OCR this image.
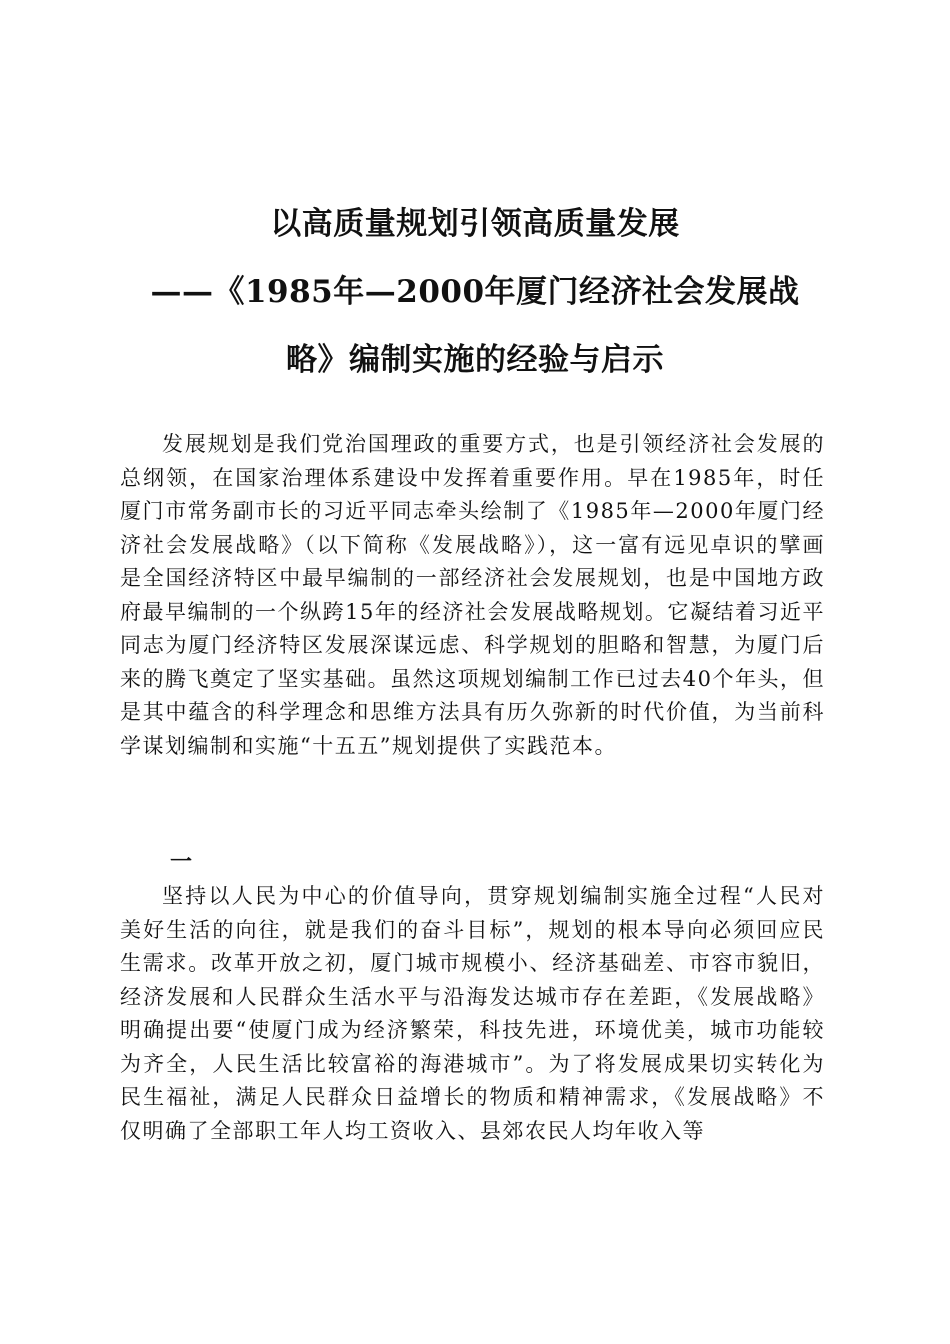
以高质量规划引领高质量发展
——《1985年—2000年厦门经济社会发展战
略》编制实施的经验与启示

发展规划是我们党治国理政的重要方式，也是引领经济社会发展的总纲领，在国家治理体系建设中发挥着重要作用。早在1985年，时任厦门市常务副市长的习近平同志牵头绘制了《1985年—2000年厦门经济社会发展战略》（以下简称《发展战略》），这一富有远见卓识的擘画是全国经济特区中最早编制的一部经济社会发展规划，也是中国地方政府最早编制的一个纵跨15年的经济社会发展战略规划。它凝结着习近平同志为厦门经济特区发展深谋远虑、科学规划的胆略和智慧，为厦门后来的腾飞奠定了坚实基础。虽然这项规划编制工作已过去40个年头，但是其中蕴含的科学理念和思维方法具有历久弥新的时代价值，为当前科学谋划编制和实施“十五五”规划提供了实践范本。

一

坚持以人民为中心的价值导向，贯穿规划编制实施全过程“人民对美好生活的向往，就是我们的奋斗目标”，规划的根本导向必须回应民生需求。改革开放之初，厦门城市规模小、经济基础差、市容市貌旧，经济发展和人民群众生活水平与沿海发达城市存在差距，《发展战略》明确提出要“使厦门成为经济繁荣，科技先进，环境优美，城市功能较为齐全，人民生活比较富裕的海港城市”。为了将发展成果切实转化为民生福祉，满足人民群众日益增长的物质和精神需求，《发展战略》不仅明确了全部职工年人均工资收入、县郊农民人均年收入等
